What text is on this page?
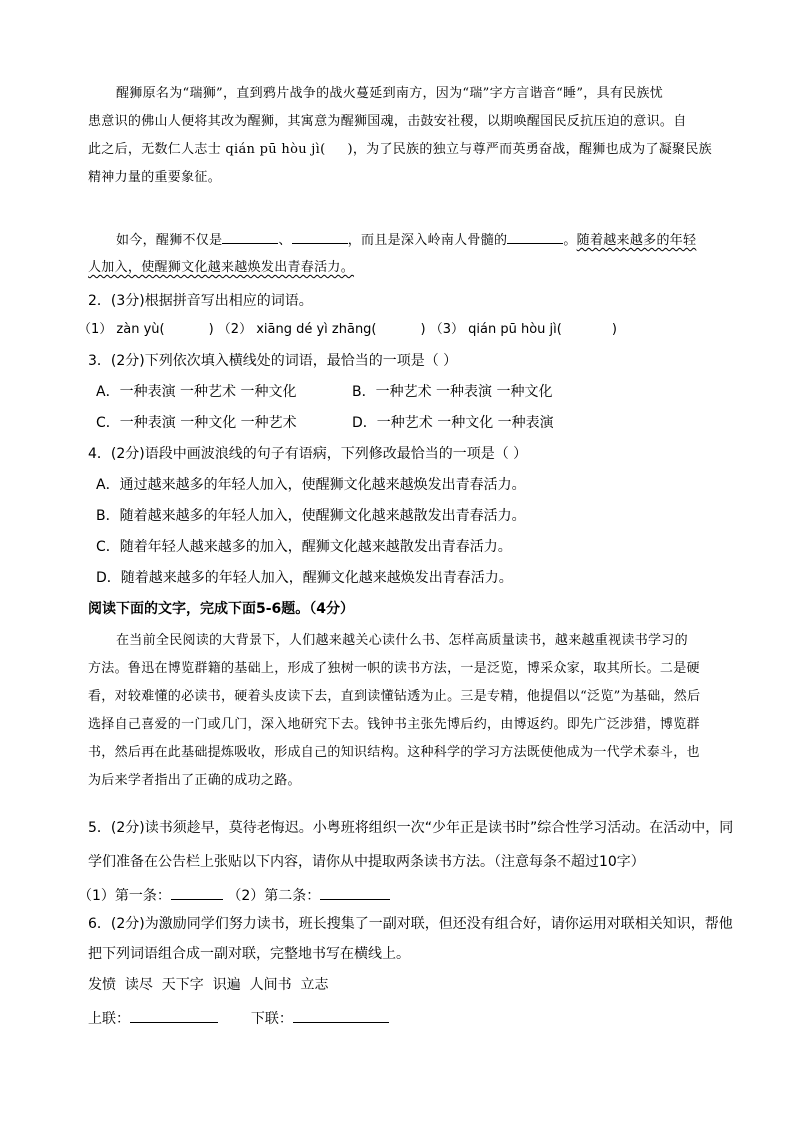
醒狮原名为“瑞狮”，直到鸦片战争的战火蔓延到南方，因为“瑞”字方言谐音“睡”，具有民族忧
患意识的佛山人便将其改为醒狮，其寓意为醒狮国魂，击鼓安社稷，以期唤醒国民反抗压迫的意识。自
此之后，无数仁人志士 qián pū hòu jì( )，为了民族的独立与尊严而英勇奋战，醒狮也成为了凝聚民族
精神力量的重要象征。
如今，醒狮不仅是	、	，而且是深入岭南人骨髓的	。随着越来越多的年轻
人加入，使醒狮文化越来越焕发出青春活力。
2．(3分)根据拼音写出相应的词语。
（1） zàn yù(	) （2） xiāng dé yì zhāng(	) （3） qián pū hòu jì(	)
3．(2分)下列依次填入横线处的词语，最恰当的一项是（ ）
A．一种表演 一种艺术 一种文化	B．一种艺术 一种表演 一种文化
C．一种表演 一种文化 一种艺术	D．一种艺术 一种文化 一种表演
4．(2分)语段中画波浪线的句子有语病，下列修改最恰当的一项是（ ）
A．通过越来越多的年轻人加入，使醒狮文化越来越焕发出青春活力。
B．随着越来越多的年轻人加入，使醒狮文化越来越散发出青春活力。
C．随着年轻人越来越多的加入，醒狮文化越来越散发出青春活力。
D．随着越来越多的年轻人加入，醒狮文化越来越焕发出青春活力。
阅读下面的文字，完成下面5-6题。（4分）
在当前全民阅读的大背景下，人们越来越关心读什么书、怎样高质量读书，越来越重视读书学习的
方法。鲁迅在博览群籍的基础上，形成了独树一帜的读书方法，一是泛览，博采众家，取其所长。二是硬
看，对较难懂的必读书，硬着头皮读下去，直到读懂钻透为止。三是专精，他提倡以“泛览”为基础，然后
选择自己喜爱的一门或几门，深入地研究下去。钱钟书主张先博后约，由博返约。即先广泛涉猎，博览群
书，然后再在此基础提炼吸收，形成自己的知识结构。这种科学的学习方法既使他成为一代学术泰斗，也
为后来学者指出了正确的成功之路。
5．(2分)读书须趁早，莫待老悔迟。小粤班将组织一次“少年正是读书时”综合性学习活动。在活动中，同
学们准备在公告栏上张贴以下内容，请你从中提取两条读书方法。（注意每条不超过10字）
（1）第一条：	（2）第二条：
6．(2分)为激励同学们努力读书，班长搜集了一副对联，但还没有组合好，请你运用对联相关知识，帮他
把下列词语组合成一副对联，完整地书写在横线上。
发愤  读尽  天下字  识遍  人间书  立志
上联：	下联：
